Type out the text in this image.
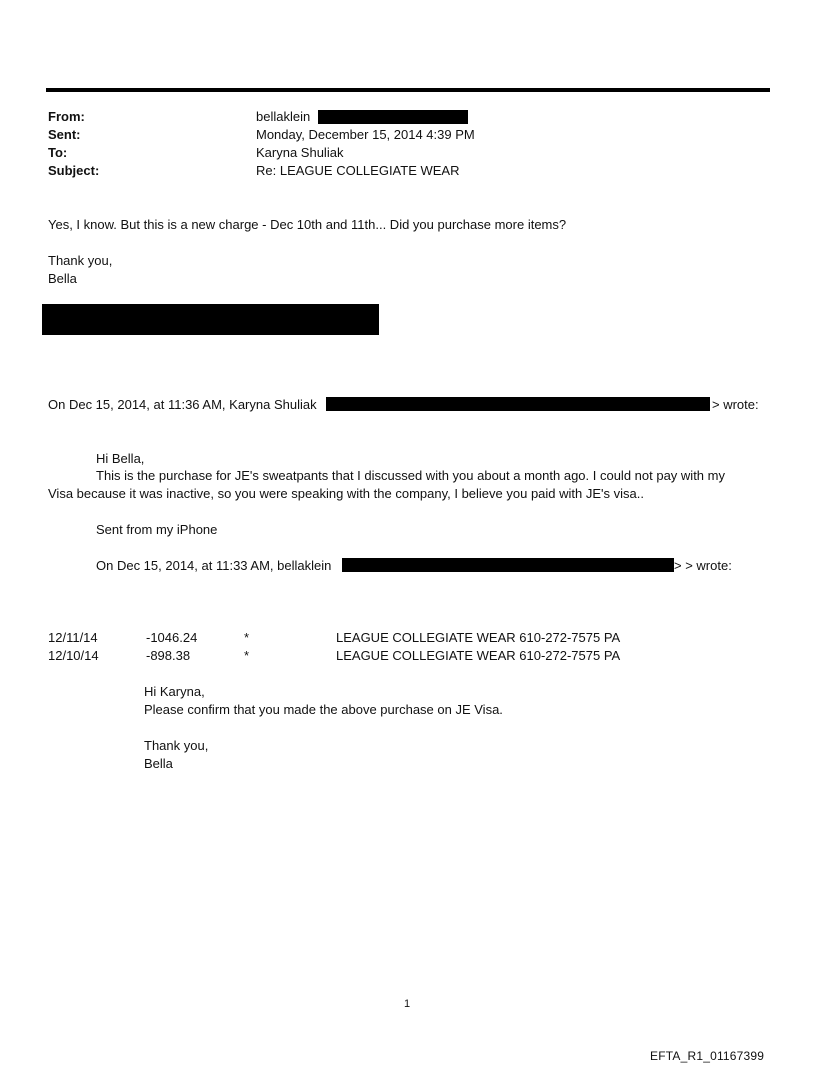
From:	bellaklein
Sent:	Monday, December 15, 2014 4:39 PM
To:	Karyna Shuliak
Subject:	Re: LEAGUE COLLEGIATE WEAR
Yes, I know. But this is a new charge - Dec 10th and 11th... Did you purchase more items?
Thank you,
Bella
On Dec 15, 2014, at 11:36 AM, Karyna Shuliak	> wrote:
Hi Bella,
This is the purchase for JE's sweatpants that I discussed with you about a month ago. I could not pay with my
Visa because it was inactive, so you were speaking with the company, I believe you paid with JE's visa..
Sent from my iPhone
On Dec 15, 2014, at 11:33 AM, bellaklein	> > wrote:
12/11/14	-1046.24	*	LEAGUE COLLEGIATE WEAR 610-272-7575 PA
12/10/14	-898.38	*	LEAGUE COLLEGIATE WEAR 610-272-7575 PA
Hi Karyna,
Please confirm that you made the above purchase on JE Visa.
Thank you,
Bella
1
EFTA_R1_01167399
